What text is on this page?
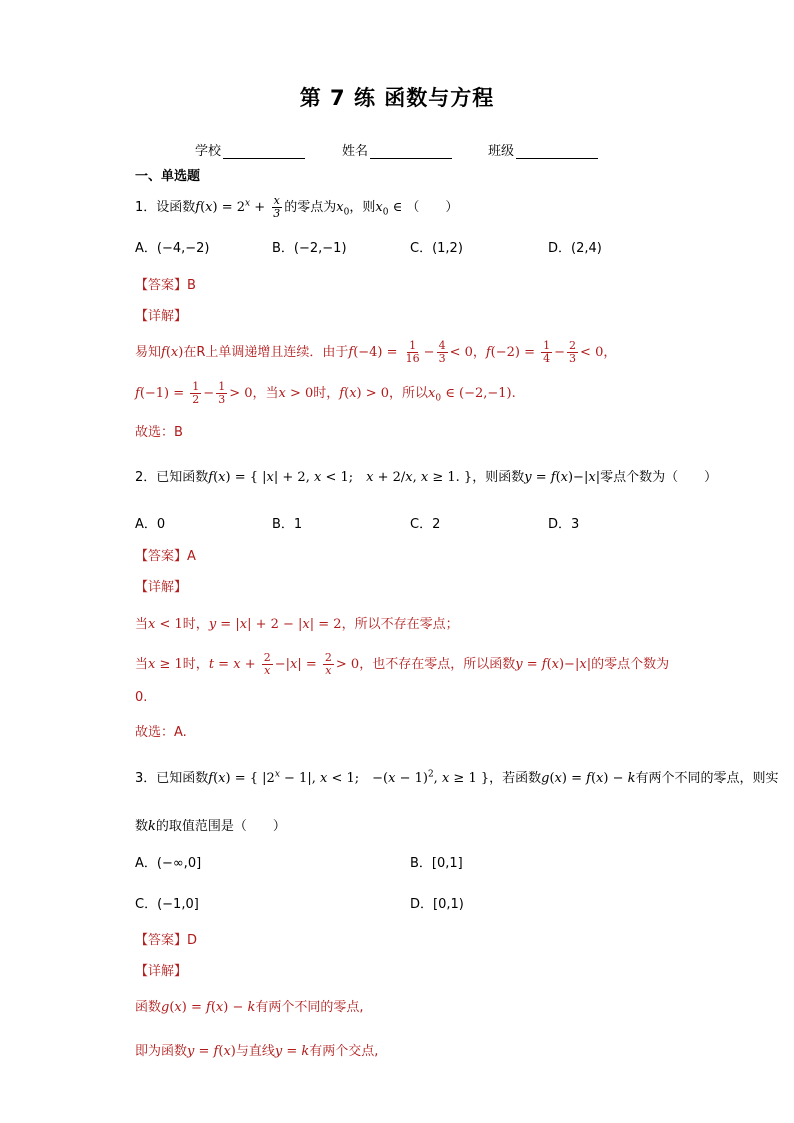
第 7 练 函数与方程
学校	姓名	班级
一、单选题
1．设函数$f(x) = 2^x + \frac{x}{3}$ 的零点为$x_0$，则$x_0$ ∈ （　　）
A．(−4,−2)	B．(−2,−1)	C．(1,2)	D．(2,4)
【答案】B
【详解】
易知f(x)在R上单调递增且连续．由于$f(-4) = \frac{1}{16} - \frac{4}{3} < 0$，$f(-2) = \frac{1}{4} - \frac{2}{3} < 0$，
$f(-1) = \frac{1}{2} - \frac{1}{3} > 0$，当x > 0时，f(x) > 0，所以$x_0$ ∈ (−2,−1).
故选：B
2．已知函数f(x) = { |x| + 2, x < 1;　x + 2/x, x ≥ 1. }，则函数y = f(x)−|x|零点个数为（　　）
A．0	B．1	C．2	D．3
【答案】A
【详解】
当x < 1时，y = |x| + 2 − |x| = 2，所以不存在零点；
当x ≥ 1时，$t = x + \frac{2}{x} -|x| = \frac{2}{x} > 0$，也不存在零点，所以函数y = f(x)−|x|的零点个数为
0.
故选：A.
3．已知函数f(x) = { $|2^x - 1|$, x < 1;　$-(x - 1)^2$, x ≥ 1 }，若函数g(x) = f(x) − k有两个不同的零点，则实
数k的取值范围是（　　）
A．(−∞,0]	B．[0,1]
C．(−1,0]	D．[0,1)
【答案】D
【详解】
函数g(x) = f(x) − k有两个不同的零点,
即为函数y = f(x)与直线y = k有两个交点,
